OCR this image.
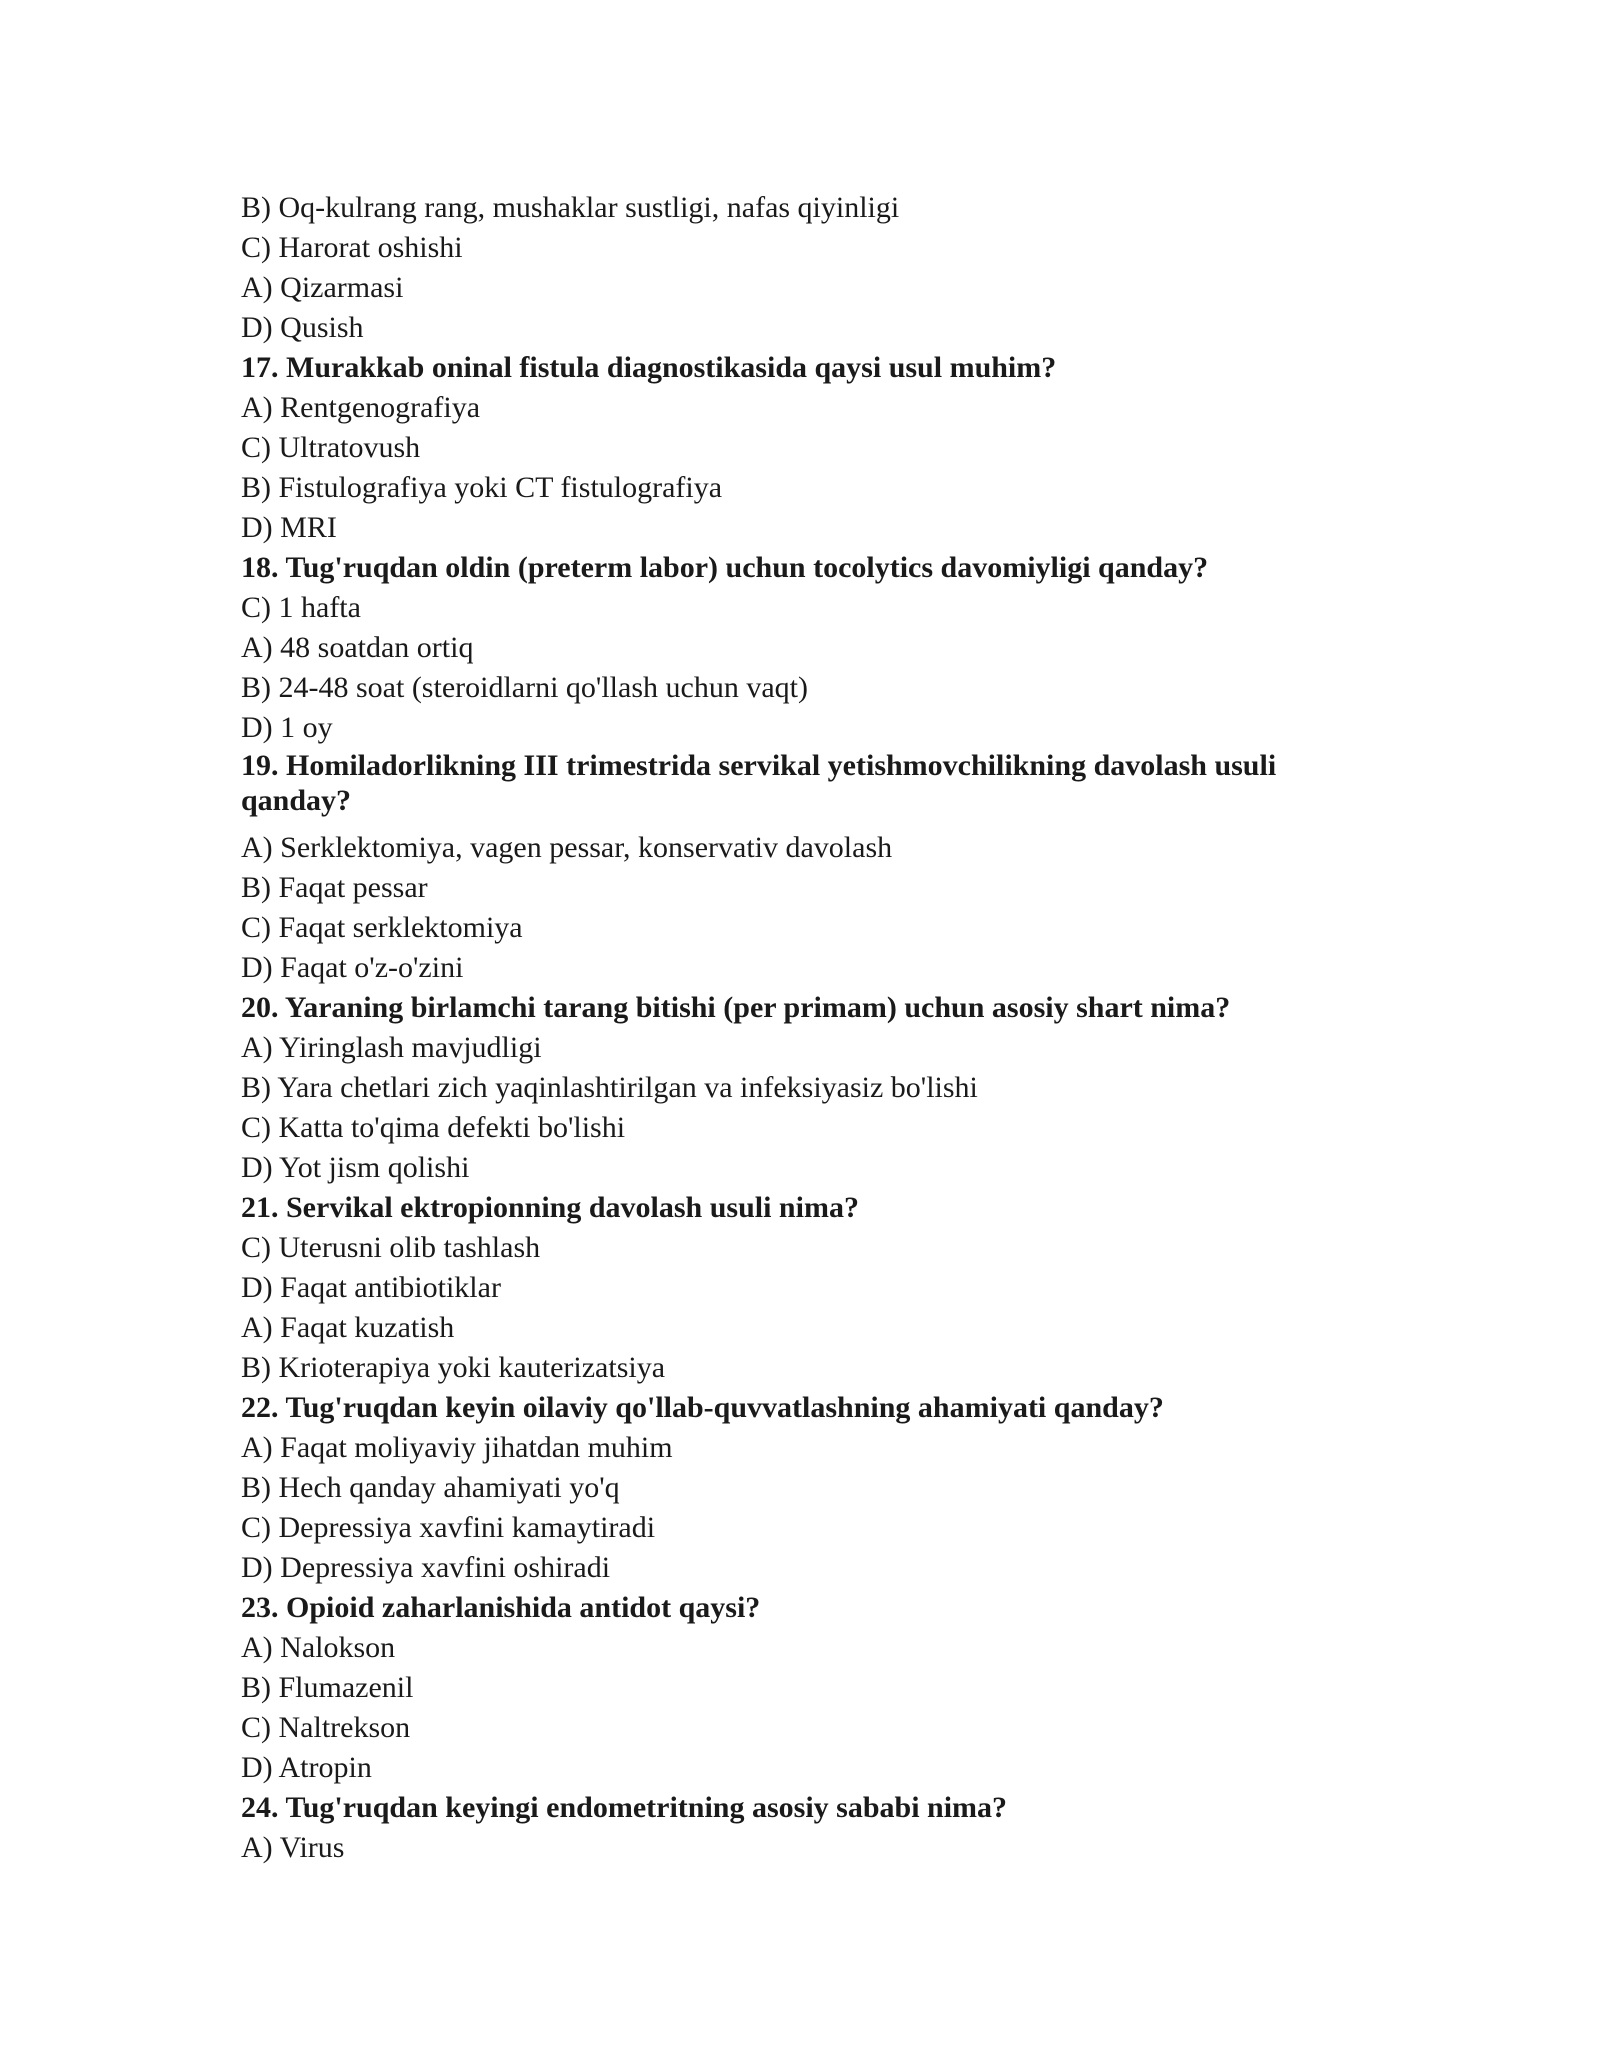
B) Oq-kulrang rang, mushaklar sustligi, nafas qiyinligi
C) Harorat oshishi
A) Qizarmasi
D) Qusish
17. Murakkab oninal fistula diagnostikasida qaysi usul muhim?
A) Rentgenografiya
C) Ultratovush
B) Fistulografiya yoki CT fistulografiya
D) MRI
18. Tug'ruqdan oldin (preterm labor) uchun tocolytics davomiyligi qanday?
C) 1 hafta
A) 48 soatdan ortiq
B) 24-48 soat (steroidlarni qo'llash uchun vaqt)
D) 1 oy
19. Homiladorlikning III trimestrida servikal yetishmovchilikning davolash usuli qanday?
A) Serklektomiya, vagen pessar, konservativ davolash
B) Faqat pessar
C) Faqat serklektomiya
D) Faqat o'z-o'zini
20. Yaraning birlamchi tarang bitishi (per primam) uchun asosiy shart nima?
A) Yiringlash mavjudligi
B) Yara chetlari zich yaqinlashtirilgan va infeksiyasiz bo'lishi
C) Katta to'qima defekti bo'lishi
D) Yot jism qolishi
21. Servikal ektropionning davolash usuli nima?
C) Uterusni olib tashlash
D) Faqat antibiotiklar
A) Faqat kuzatish
B) Krioterapiya yoki kauterizatsiya
22. Tug'ruqdan keyin oilaviy qo'llab-quvvatlashning ahamiyati qanday?
A) Faqat moliyaviy jihatdan muhim
B) Hech qanday ahamiyati yo'q
C) Depressiya xavfini kamaytiradi
D) Depressiya xavfini oshiradi
23. Opioid zaharlanishida antidot qaysi?
A) Nalokson
B) Flumazenil
C) Naltrekson
D) Atropin
24. Tug'ruqdan keyingi endometritning asosiy sababi nima?
A) Virus
